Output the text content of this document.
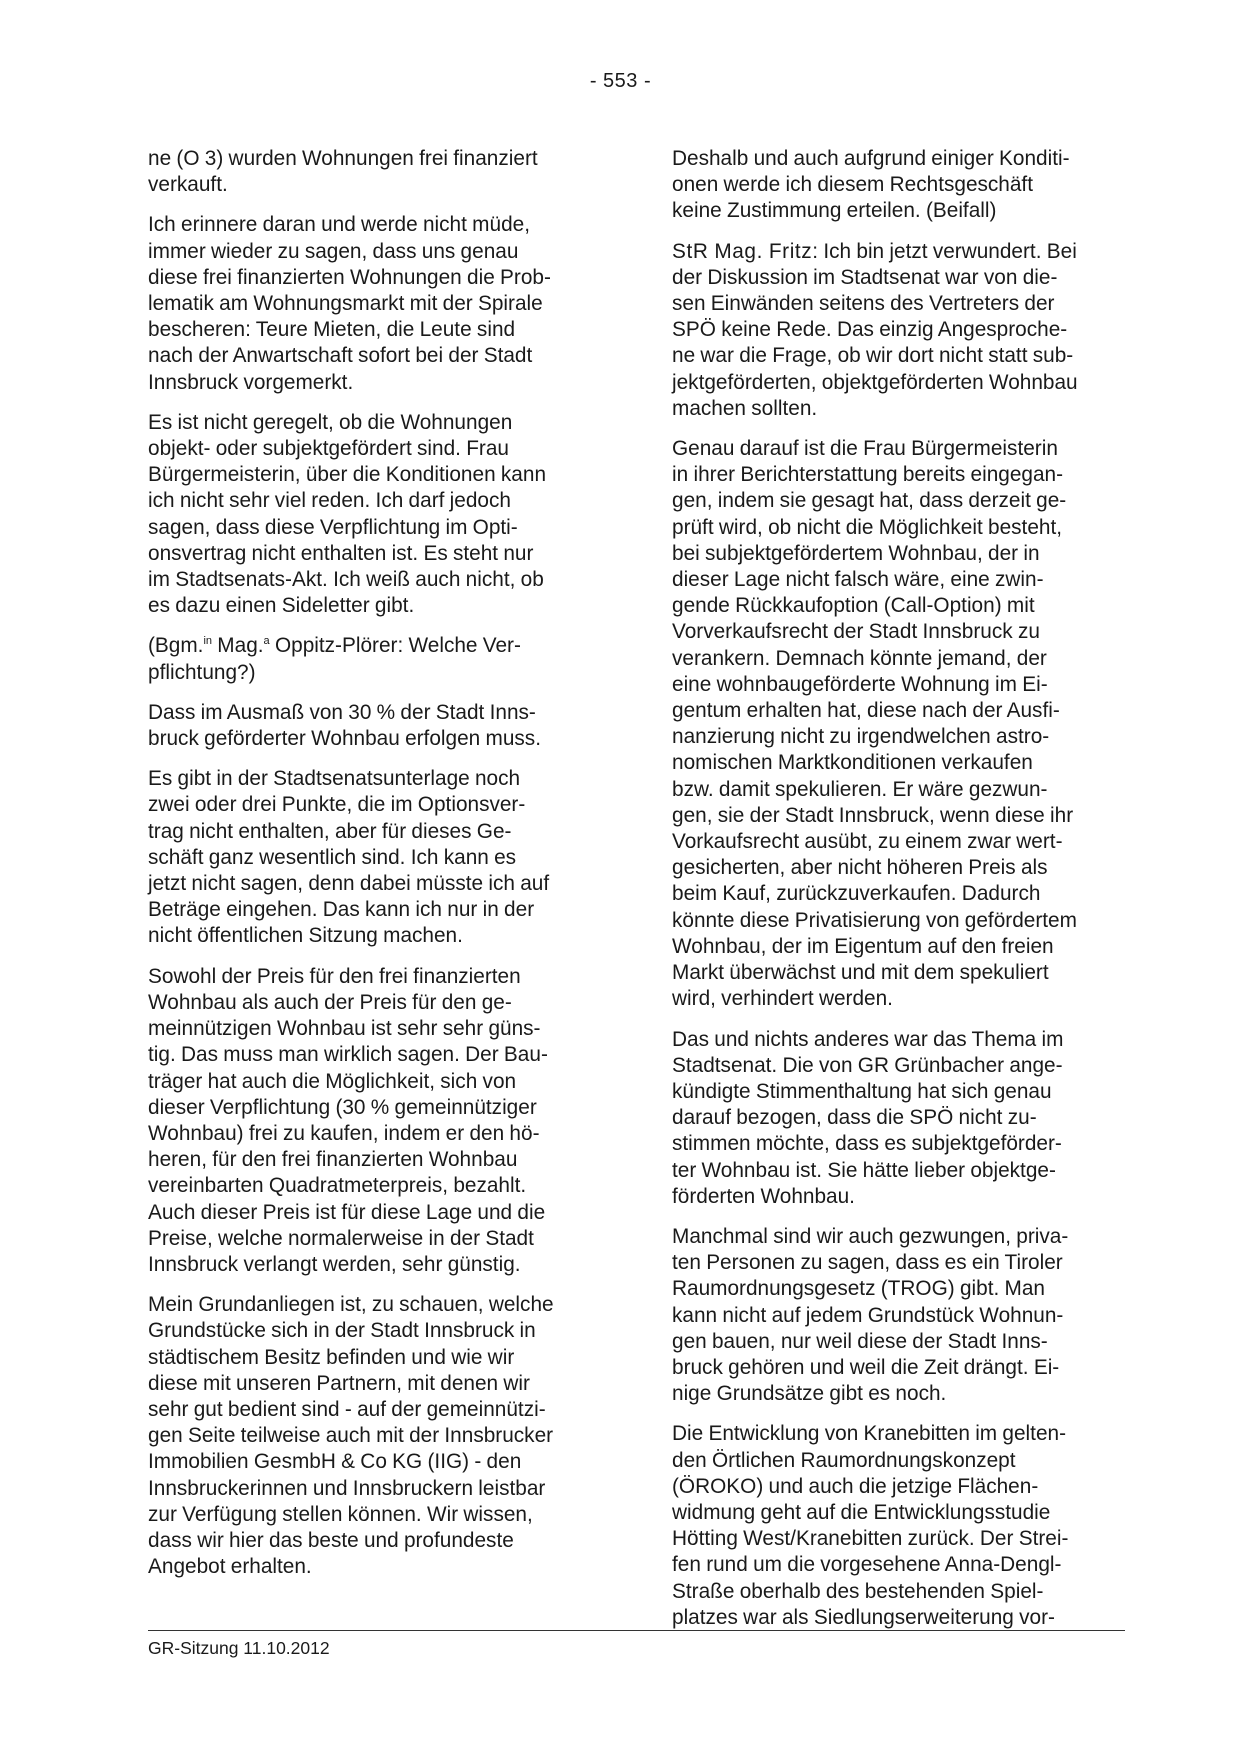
- 553 -

ne (O 3) wurden Wohnungen frei finanziert
verkauft.

Ich erinnere daran und werde nicht müde,
immer wieder zu sagen, dass uns genau
diese frei finanzierten Wohnungen die Prob-
lematik am Wohnungsmarkt mit der Spirale
bescheren: Teure Mieten, die Leute sind
nach der Anwartschaft sofort bei der Stadt
Innsbruck vorgemerkt.

Es ist nicht geregelt, ob die Wohnungen
objekt- oder subjektgefördert sind. Frau
Bürgermeisterin, über die Konditionen kann
ich nicht sehr viel reden. Ich darf jedoch
sagen, dass diese Verpflichtung im Opti-
onsvertrag nicht enthalten ist. Es steht nur
im Stadtsenats-Akt. Ich weiß auch nicht, ob
es dazu einen Sideletter gibt.

(Bgm.$^{in}$ Mag.$^a$ Oppitz-Plörer: Welche Ver-
pflichtung?)

Dass im Ausmaß von 30 % der Stadt Inns-
bruck geförderter Wohnbau erfolgen muss.

Es gibt in der Stadtsenatsunterlage noch
zwei oder drei Punkte, die im Optionsver-
trag nicht enthalten, aber für dieses Ge-
schäft ganz wesentlich sind. Ich kann es
jetzt nicht sagen, denn dabei müsste ich auf
Beträge eingehen. Das kann ich nur in der
nicht öffentlichen Sitzung machen.

Sowohl der Preis für den frei finanzierten
Wohnbau als auch der Preis für den ge-
meinnützigen Wohnbau ist sehr sehr güns-
tig. Das muss man wirklich sagen. Der Bau-
träger hat auch die Möglichkeit, sich von
dieser Verpflichtung (30 % gemeinnütziger
Wohnbau) frei zu kaufen, indem er den hö-
heren, für den frei finanzierten Wohnbau
vereinbarten Quadratmeterpreis, bezahlt.
Auch dieser Preis ist für diese Lage und die
Preise, welche normalerweise in der Stadt
Innsbruck verlangt werden, sehr günstig.

Mein Grundanliegen ist, zu schauen, welche
Grundstücke sich in der Stadt Innsbruck in
städtischem Besitz befinden und wie wir
diese mit unseren Partnern, mit denen wir
sehr gut bedient sind - auf der gemeinnützi-
gen Seite teilweise auch mit der Innsbrucker
Immobilien GesmbH & Co KG (IIG) - den
Innsbruckerinnen und Innsbruckern leistbar
zur Verfügung stellen können. Wir wissen,
dass wir hier das beste und profundeste
Angebot erhalten.

Deshalb und auch aufgrund einiger Konditi-
onen werde ich diesem Rechtsgeschäft
keine Zustimmung erteilen. (Beifall)

StR Mag. Fritz: Ich bin jetzt verwundert. Bei
der Diskussion im Stadtsenat war von die-
sen Einwänden seitens des Vertreters der
SPÖ keine Rede. Das einzig Angesproche-
ne war die Frage, ob wir dort nicht statt sub-
jektgeförderten, objektgeförderten Wohnbau
machen sollten.

Genau darauf ist die Frau Bürgermeisterin
in ihrer Berichterstattung bereits eingegan-
gen, indem sie gesagt hat, dass derzeit ge-
prüft wird, ob nicht die Möglichkeit besteht,
bei subjektgefördertem Wohnbau, der in
dieser Lage nicht falsch wäre, eine zwin-
gende Rückkaufoption (Call-Option) mit
Vorverkaufsrecht der Stadt Innsbruck zu
verankern. Demnach könnte jemand, der
eine wohnbaugeförderte Wohnung im Ei-
gentum erhalten hat, diese nach der Ausfi-
nanzierung nicht zu irgendwelchen astro-
nomischen Marktkonditionen verkaufen
bzw. damit spekulieren. Er wäre gezwun-
gen, sie der Stadt Innsbruck, wenn diese ihr
Vorkaufsrecht ausübt, zu einem zwar wert-
gesicherten, aber nicht höheren Preis als
beim Kauf, zurückzuverkaufen. Dadurch
könnte diese Privatisierung von gefördertem
Wohnbau, der im Eigentum auf den freien
Markt überwächst und mit dem spekuliert
wird, verhindert werden.

Das und nichts anderes war das Thema im
Stadtsenat. Die von GR Grünbacher ange-
kündigte Stimmenthaltung hat sich genau
darauf bezogen, dass die SPÖ nicht zu-
stimmen möchte, dass es subjektgeförder-
ter Wohnbau ist. Sie hätte lieber objektge-
förderten Wohnbau.

Manchmal sind wir auch gezwungen, priva-
ten Personen zu sagen, dass es ein Tiroler
Raumordnungsgesetz (TROG) gibt. Man
kann nicht auf jedem Grundstück Wohnun-
gen bauen, nur weil diese der Stadt Inns-
bruck gehören und weil die Zeit drängt. Ei-
nige Grundsätze gibt es noch.

Die Entwicklung von Kranebitten im gelten-
den Örtlichen Raumordnungskonzept
(ÖROKO) und auch die jetzige Flächen-
widmung geht auf die Entwicklungsstudie
Hötting West/Kranebitten zurück. Der Strei-
fen rund um die vorgesehene Anna-Dengl-
Straße oberhalb des bestehenden Spiel-
platzes war als Siedlungserweiterung vor-

GR-Sitzung 11.10.2012
